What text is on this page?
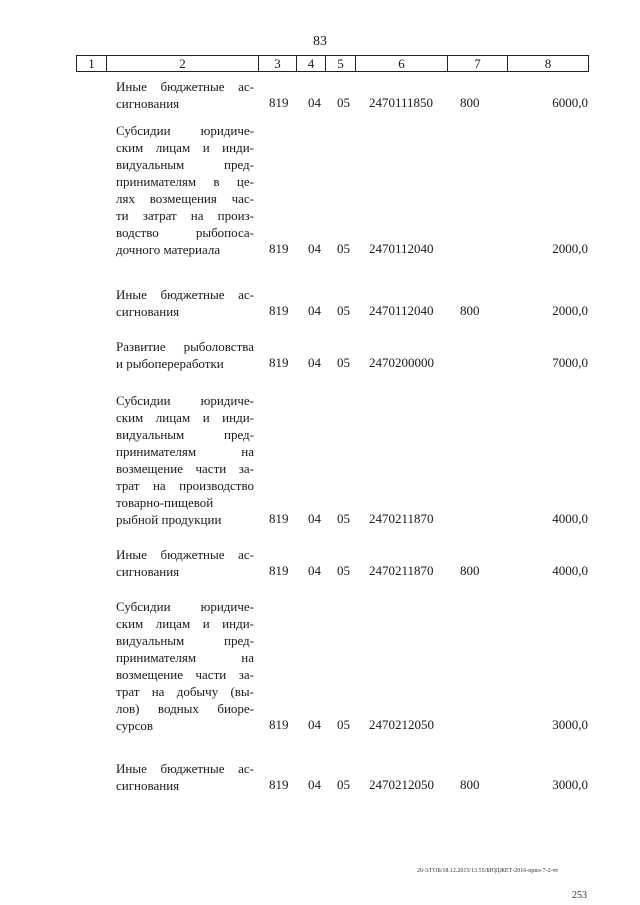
83
1	2	3	4	5	6	7	8
Иные бюджетные ас-
сигнования	819 04 05 2470111850 800	6000,0
Субсидии юридиче-
ским лицам и инди-
видуальным пред-
принимателям в це-
лях возмещения час-
ти затрат на произ-
водство рыбопоса-
дочного материала	819 04 05 2470112040	2000,0
Иные бюджетные ас-
сигнования	819 04 05 2470112040 800	2000,0
Развитие рыболовства
и рыбопереработки	819 04 05 2470200000	7000,0
Субсидии юридиче-
ским лицам и инди-
видуальным пред-
принимателям на
возмещение части за-
трат на производство
товарно-пищевой
рыбной продукции	819 04 05 2470211870	4000,0
Иные бюджетные ас-
сигнования	819 04 05 2470211870 800	4000,0
Субсидии юридиче-
ским лицам и инди-
видуальным пред-
принимателям на
возмещение части за-
трат на добычу (вы-
лов) водных биоре-
сурсов	819 04 05 2470212050	3000,0
Иные бюджетные ас-
сигнования	819 04 05 2470212050 800	3000,0
20-3/ГОБ/18.12.2015/13.55/БЮДЖЕТ-2016-прил-7-2-чт
253
